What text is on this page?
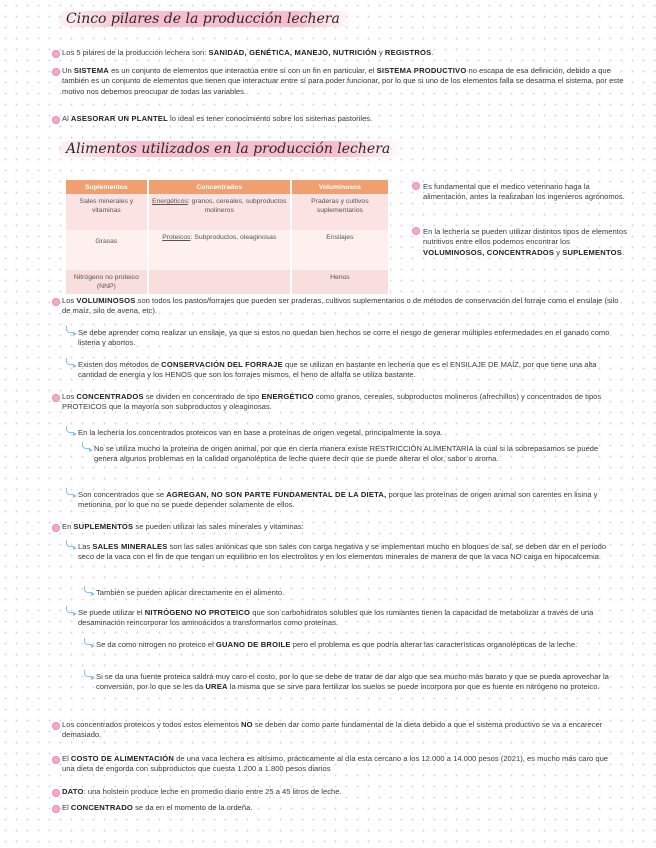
Cinco pilares de la producción lechera
Alimentos utilizados en la producción lechera
Los 5 pilares de la producción lechera son: SANIDAD, GENÉTICA, MANEJO, NUTRICIÓN y REGISTROS.
Un SISTEMA es un conjunto de elementos que interactúa entre sí con un fin en particular, el SISTEMA PRODUCTIVO no escapa de esa definición, debido a que también es un conjunto de elementos que tienen que interactuar entre sí para poder funcionar, por lo que si uno de los elementos falla se desarma el sistema, por este motivo nos debemos preocupar de todas las variables.
Al ASESORAR UN PLANTEL lo ideal es tener conocimiento sobre los sistemas pastoriles.
Suplementos	Concentrados	Voluminosos
Sales minerales y vitaminas	Energéticos: granos, cereales, subproductos molineros	Praderas y cultivos suplementarios
Grasas	Proteicos: Subproductos, oleaginosas	Ensilajes
Nitrógeno no proteico (NNP)		Henos
Es fundamental que el medico veterinario haga la alimentación, antes la realizaban los ingenieros agrónomos.
En la lechería se pueden utilizar distintos tipos de elementos nutritivos entre ellos podemos encontrar los VOLUMINOSOS, CONCENTRADOS y SUPLEMENTOS.
Los VOLUMINOSOS son todos los pastos/forrajes que pueden ser praderas, cultivos suplementarios o de métodos de conservación del forraje como el ensilaje (silo de maíz, silo de avena, etc).
Se debe aprender como realizar un ensilaje, ya que si estos no quedan bien hechos se corre el riesgo de generar múltiples enfermedades en el ganado como listeria y abortos.
Existen dos métodos de CONSERVACIÓN DEL FORRAJE que se utilizan en bastante en lechería que es el ENSILAJE DE MAÍZ, por que tiene una alta cantidad de energía y los HENOS que son los forrajes mismos, el heno de alfalfa se utiliza bastante.
Los CONCENTRADOS se dividen en concentrado de tipo ENERGÉTICO como granos, cereales, subproductos molineros (afrechillos) y concentrados de tipos PROTEICOS que la mayoría son subproductos y oleaginosas.
En la lechería los concentrados proteicos van en base a proteínas de origen vegetal, principalmente la soya.
No se utiliza mucho la proteína de origen animal, por que en cierta manera existe RESTRICCIÓN ALIMENTARIA la cual si la sobrepasamos se puede genera algunos problemas en la calidad organoléptica de leche quiere decir que se puede alterar el olor, sabor o aroma.
Son concentrados que se AGREGAN, NO SON PARTE FUNDAMENTAL DE LA DIETA, porque las proteínas de origen animal son carentes en lisina y metionina, por lo que no se puede depender solamente de ellos.
En SUPLEMENTOS se pueden utilizar las sales minerales y vitaminas:
Las SALES MINERALES son las sales aniónicas que son sales con carga negativa y se implementan mucho en bloques de sal, se deben dar en el período seco de la vaca con el fin de que tengan un equilibrio en los electrolitos y en los elementos minerales de manera de que la vaca NO caiga en hipocalcemia.
También se pueden aplicar directamente en el alimento.
Se puede utilizar el NITRÓGENO NO PROTEICO que son carbohidratos solubles que los rumiantes tienen la capacidad de metabolizar a través de una desaminación reincorporar los aminoácidos a transformarlos como proteínas.
Se da como nitrogen no proteico el GUANO DE BROILE pero el problema es que podría alterar las características organolépticas de la leche.
Si se da una fuente proteica saldrá muy caro el costo, por lo que se debe de tratar de dar algo que sea mucho más barato y que se pueda aprovechar la conversión, por lo que se les da UREA la misma que se sirve para fertilizar los suelos se puede incorpora por que es fuente en nitrógeno no proteico.
Los concentrados proteicos y todos estos elementos NO se deben dar como parte fundamental de la dieta debido a que el sistema productivo se va a encarecer demasiado.
El COSTO DE ALIMENTACIÓN de una vaca lechera es altísimo, prácticamente al día esta cercano a los 12.000 a 14.000 pesos (2021), es mucho más caro que una dieta de engorda con subproductos que cuesta 1.200 a 1.800 pesos diarios
DATO: una holstein produce leche en promedio diario entre 25 a 45 litros de leche.
El CONCENTRADO se da en el momento de la ordeña.
